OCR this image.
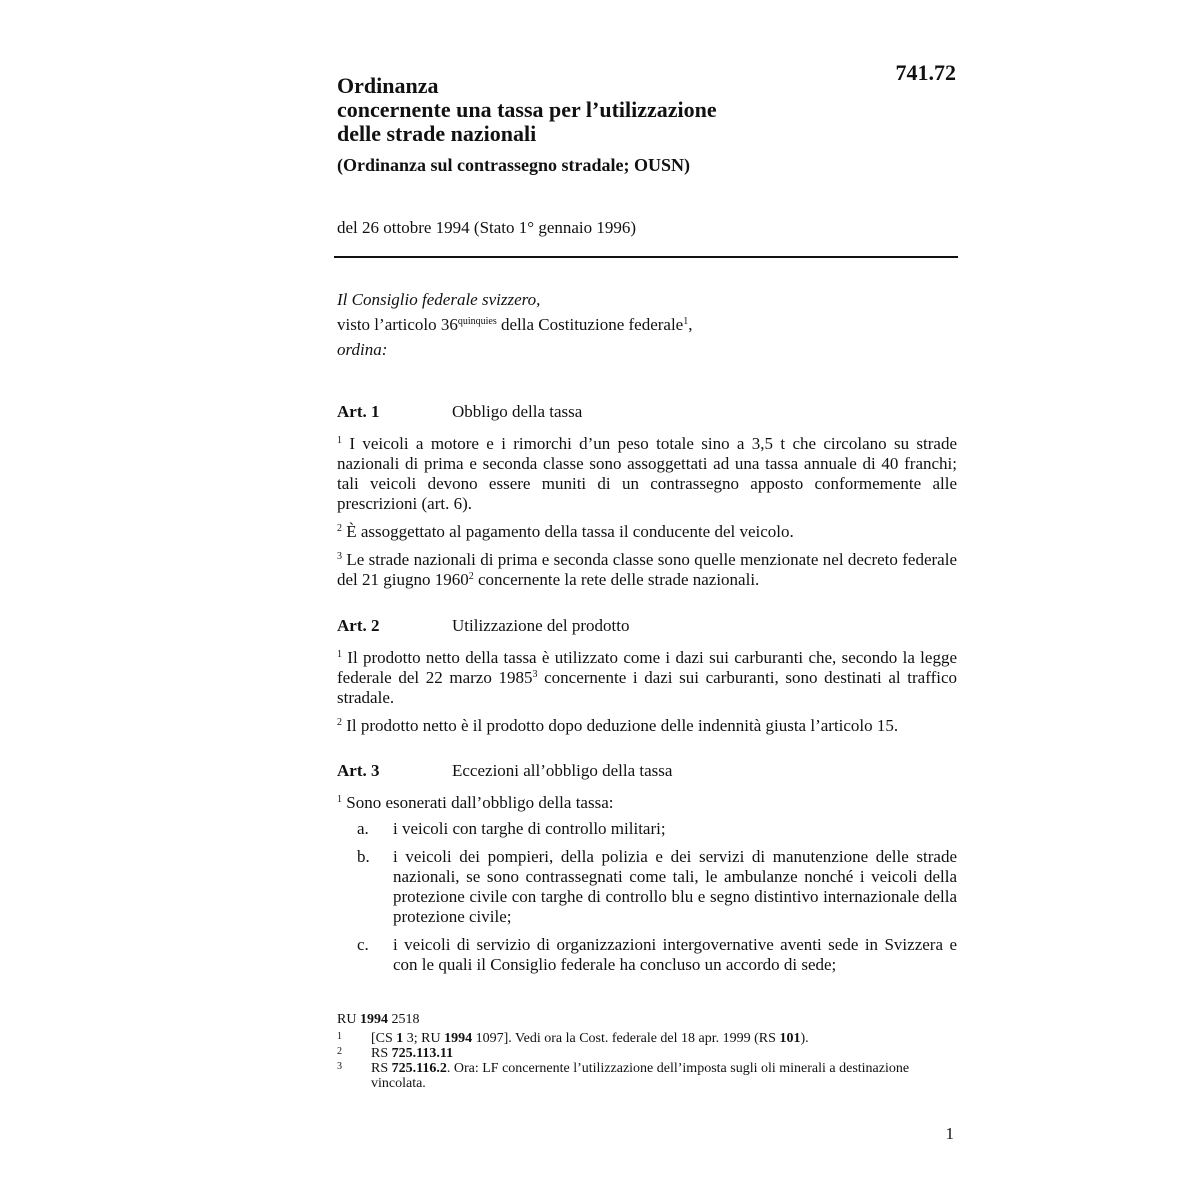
741.72
Ordinanza
concernente una tassa per l’utilizzazione
delle strade nazionali
(Ordinanza sul contrassegno stradale; OUSN)
del 26 ottobre 1994 (Stato 1° gennaio 1996)
Il Consiglio federale svizzero,
visto l’articolo $36^{quinquies}$ della Costituzione federale$^1$,
ordina:
Art. 1	Obbligo della tassa
$^1$ I veicoli a motore e i rimorchi d’un peso totale sino a 3,5 t che circolano su strade nazionali di prima e seconda classe sono assoggettati ad una tassa annuale di 40 franchi; tali veicoli devono essere muniti di un contrassegno apposto conformemente alle prescrizioni (art. 6).
$^2$ È assoggettato al pagamento della tassa il conducente del veicolo.
$^3$ Le strade nazionali di prima e seconda classe sono quelle menzionate nel decreto federale del 21 giugno 1960$^2$ concernente la rete delle strade nazionali.
Art. 2	Utilizzazione del prodotto
$^1$ Il prodotto netto della tassa è utilizzato come i dazi sui carburanti che, secondo la legge federale del 22 marzo 1985$^3$ concernente i dazi sui carburanti, sono destinati al traffico stradale.
$^2$ Il prodotto netto è il prodotto dopo deduzione delle indennità giusta l’articolo 15.
Art. 3	Eccezioni all’obbligo della tassa
$^1$ Sono esonerati dall’obbligo della tassa:
a.	i veicoli con targhe di controllo militari;
b.	i veicoli dei pompieri, della polizia e dei servizi di manutenzione delle strade nazionali, se sono contrassegnati come tali, le ambulanze nonché i veicoli della protezione civile con targhe di controllo blu e segno distintivo internazionale della protezione civile;
c.	i veicoli di servizio di organizzazioni intergovernative aventi sede in Svizzera e con le quali il Consiglio federale ha concluso un accordo di sede;
RU 1994 2518
1	[CS 1 3; RU 1994 1097]. Vedi ora la Cost. federale del 18 apr. 1999 (RS 101).
2	RS 725.113.11
3	RS 725.116.2. Ora: LF concernente l’utilizzazione dell’imposta sugli oli minerali a destinazione vincolata.
1
